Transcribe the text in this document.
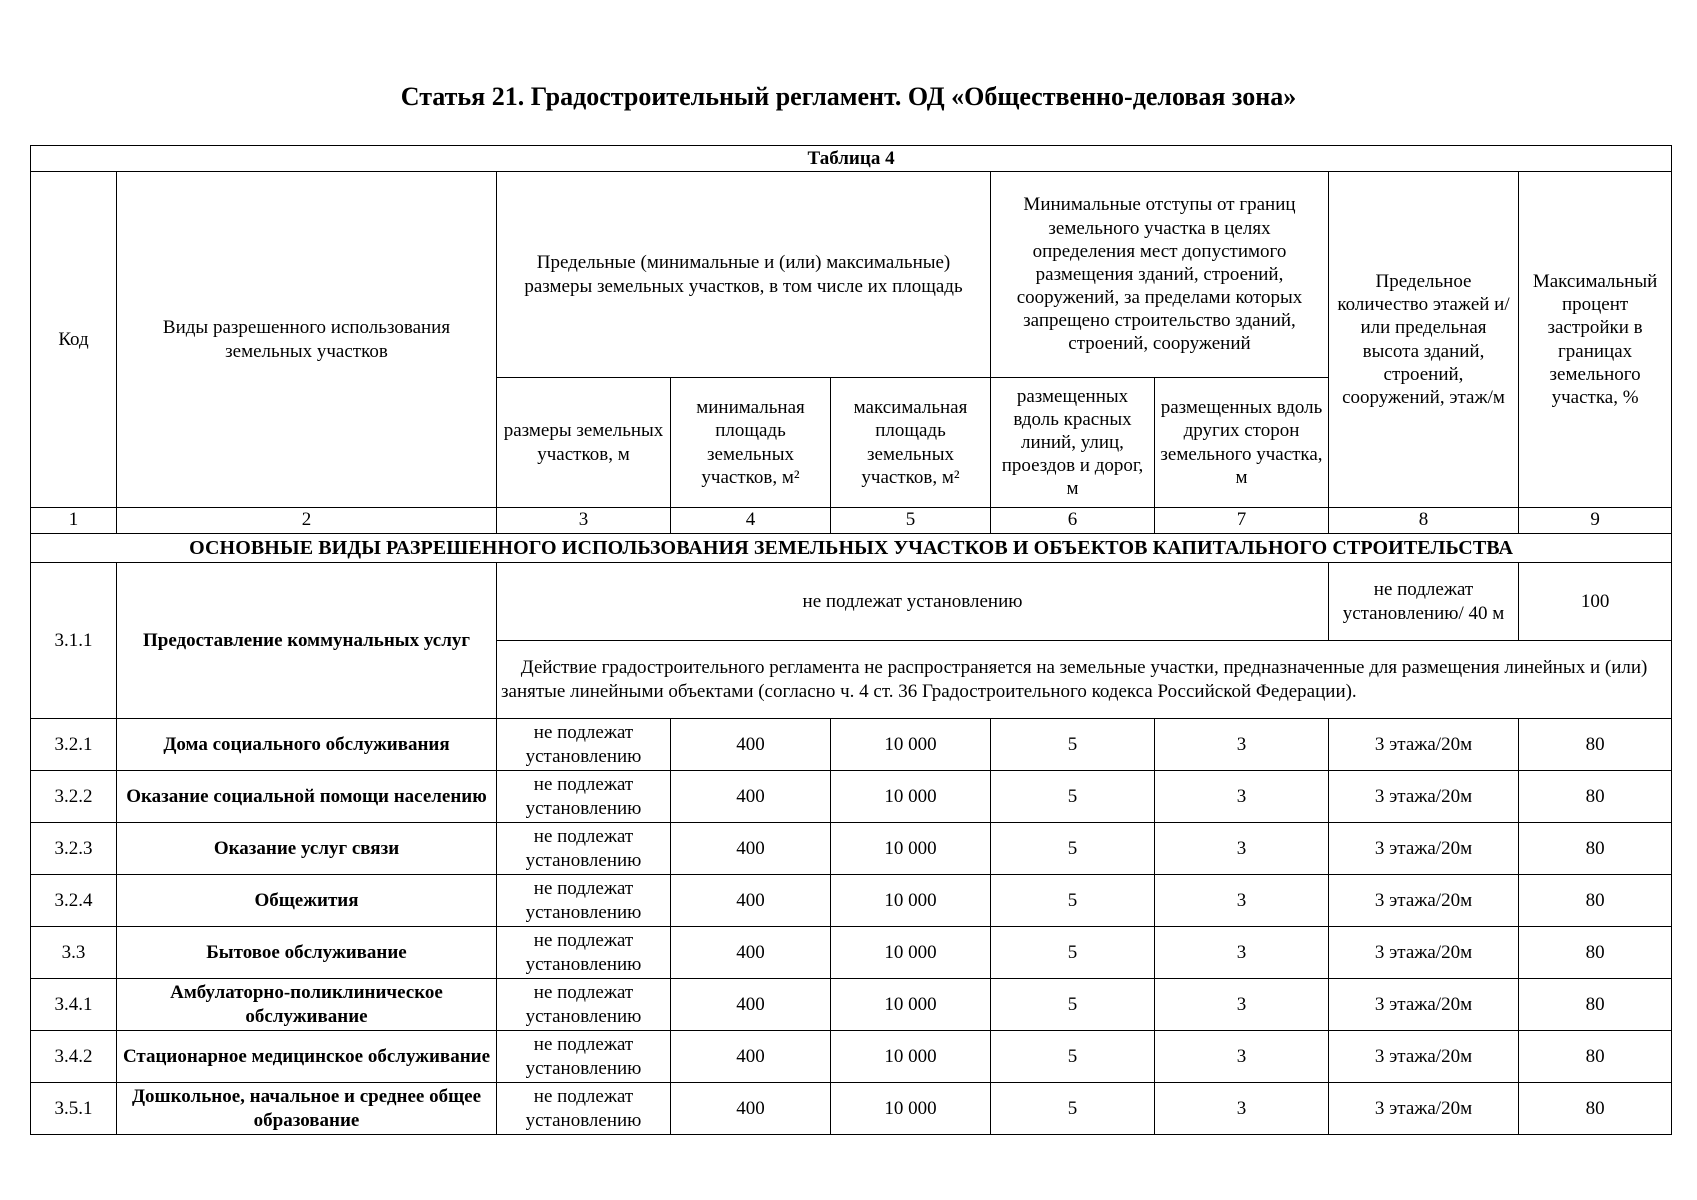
Статья 21. Градостроительный регламент. ОД «Общественно-деловая зона»
Таблица 4								
Код	Виды разрешенного использования земельных участков	Предельные (минимальные и (или) максимальные) размеры земельных участков, в том числе их площадь			Минимальные отступы от границ земельного участка в целях определения мест допустимого размещения зданий, строений, сооружений, за пределами которых запрещено строительство зданий, строений, сооружений		Предельное количество этажей и/или предельная высота зданий, строений, сооружений, этаж/м	Максимальный процент застройки в границах земельного участка, %
		размеры земельных участков, м	минимальная площадь земельных участков, м²	максимальная площадь земельных участков, м²	размещенных вдоль красных линий, улиц, проездов и дорог, м	размещенных вдоль других сторон земельного участка, м		
1	2	3	4	5	6	7	8	9
ОСНОВНЫЕ ВИДЫ РАЗРЕШЕННОГО ИСПОЛЬЗОВАНИЯ ЗЕМЕЛЬНЫХ УЧАСТКОВ И ОБЪЕКТОВ КАПИТАЛЬНОГО СТРОИТЕЛЬСТВА								
3.1.1	Предоставление коммунальных услуг	не подлежат установлению					не подлежат установлению/ 40 м	100
		Действие градостроительного регламента не распространяется на земельные участки, предназначенные для размещения линейных и (или) занятые линейными объектами (согласно ч. 4 ст. 36 Градостроительного кодекса Российской Федерации).						
3.2.1	Дома социального обслуживания	не подлежат установлению	400	10 000	5	3	3 этажа/20м	80
3.2.2	Оказание социальной помощи населению	не подлежат установлению	400	10 000	5	3	3 этажа/20м	80
3.2.3	Оказание услуг связи	не подлежат установлению	400	10 000	5	3	3 этажа/20м	80
3.2.4	Общежития	не подлежат установлению	400	10 000	5	3	3 этажа/20м	80
3.3	Бытовое обслуживание	не подлежат установлению	400	10 000	5	3	3 этажа/20м	80
3.4.1	Амбулаторно-поликлиническое обслуживание	не подлежат установлению	400	10 000	5	3	3 этажа/20м	80
3.4.2	Стационарное медицинское обслуживание	не подлежат установлению	400	10 000	5	3	3 этажа/20м	80
3.5.1	Дошкольное, начальное и среднее общее образование	не подлежат установлению	400	10 000	5	3	3 этажа/20м	80
